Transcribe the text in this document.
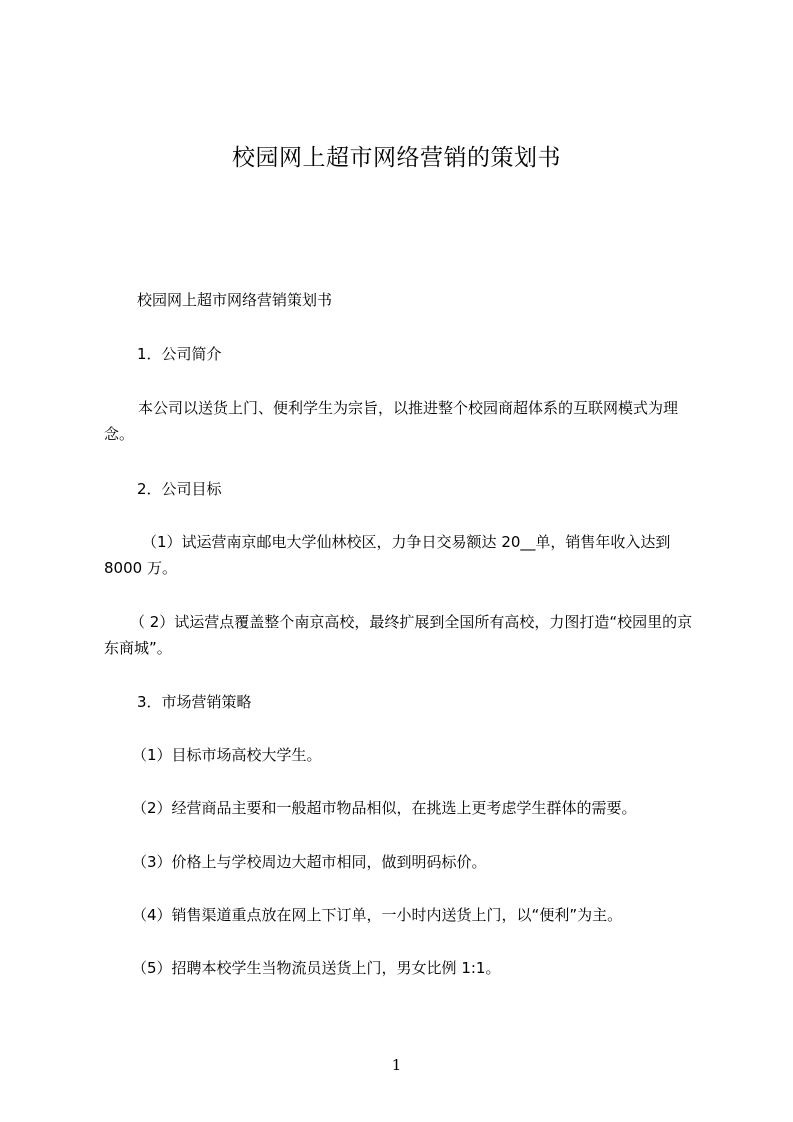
校园网上超市网络营销的策划书
校园网上超市网络营销策划书
1．公司简介
本公司以送货上门、便利学生为宗旨，以推进整个校园商超体系的互联网模式为理念。
2．公司目标
（1）试运营南京邮电大学仙林校区，力争日交易额达 20__单，销售年收入达到 8000 万。
（ 2）试运营点覆盖整个南京高校，最终扩展到全国所有高校，力图打造“校园里的京东商城”。
3．市场营销策略
（1）目标市场高校大学生。
（2）经营商品主要和一般超市物品相似，在挑选上更考虑学生群体的需要。
（3）价格上与学校周边大超市相同，做到明码标价。
（4）销售渠道重点放在网上下订单，一小时内送货上门，以“便利”为主。
（5）招聘本校学生当物流员送货上门，男女比例 1:1。
1
